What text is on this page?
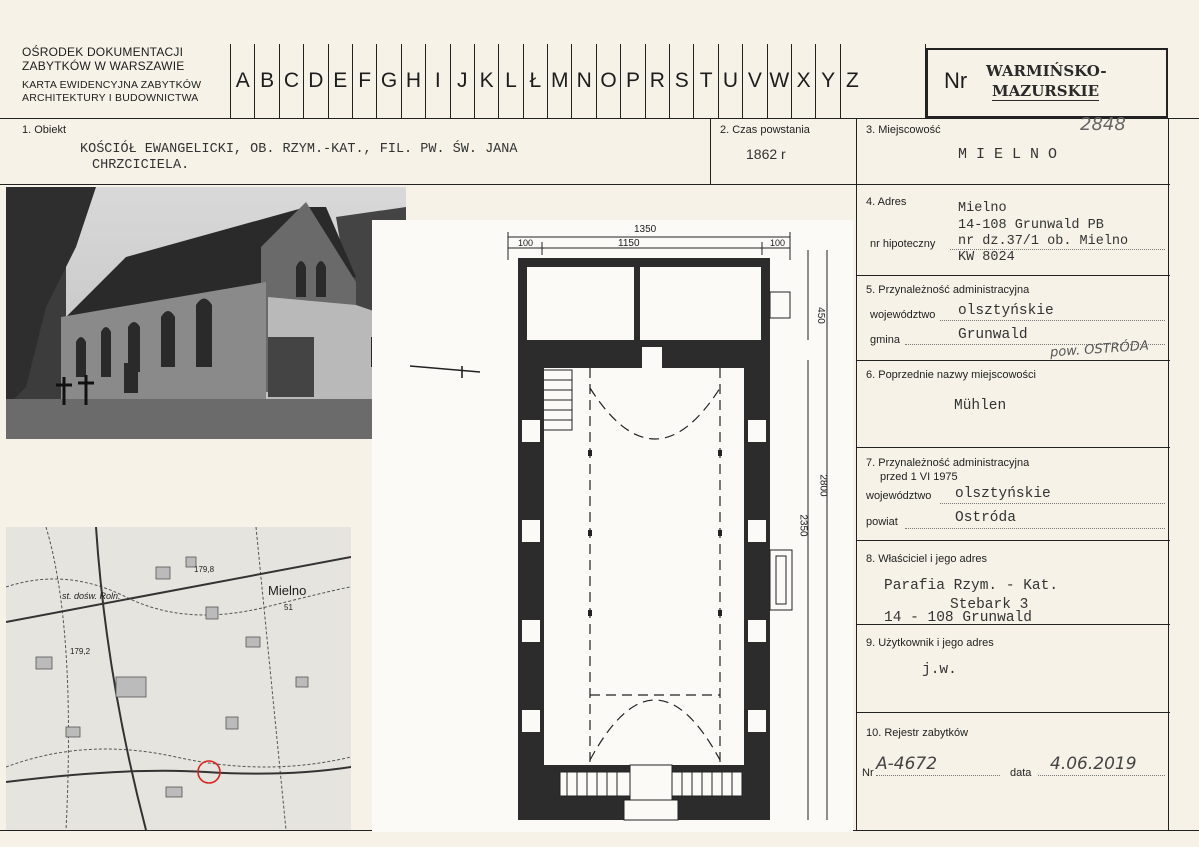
OŚRODEK DOKUMENTACJI
ZABYTKÓW W WARSZAWIE
KARTA EWIDENCYJNA ZABYTKÓW
ARCHITEKTURY I BUDOWNICTWA
A B C D E F G H I J K L Ł M N O P R S T U V W X Y Z	Nr WARMIŃSKO-
MAZURSKIE
1. Obiekt
KOŚCIÓŁ EWANGELICKI, OB. RZYM.-KAT., FIL. PW. ŚW. JANA
CHRZCICIELA.
2. Czas powstania
1862 r
3. Miejscowość	2848
M I E L N O
4. Adres	Mielno
14-108 Grunwald PB
nr hipoteczny nr dz.37/1 ob. Mielno
KW 8024
5. Przynależność administracyjna
województwo olsztyńskie
gmina	Grunwald
pow. OSTRÓDA
6. Poprzednie nazwy miejscowości
Mühlen
7. Przynależność administracyjna
przed 1 VI 1975
województwo olsztyńskie
powiat	Ostróda
8. Właściciel i jego adres
Parafia Rzym. - Kat.
Stebark 3
14 - 108 Grunwald
9. Użytkownik i jego adres
j.w.
10. Rejestr zabytków
Nr A-4672	data 4.06.2019
Mielno
st. dośw. Roln.
179,8
179,2
51
1350
100	1150	100
450
2800
2350
